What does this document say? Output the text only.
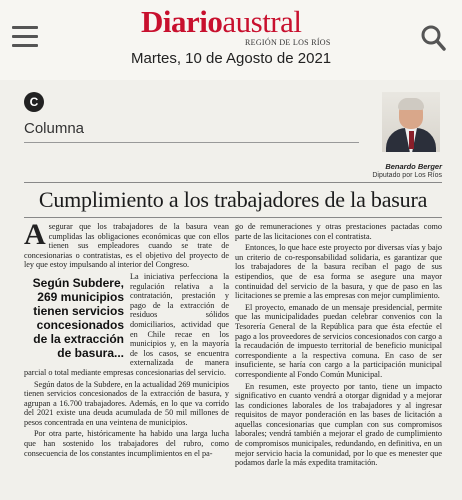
Diarioaustral
REGIÓN DE LOS RÍOS
Martes, 10 de Agosto de 2021
C
Columna
Benardo Berger
Diputado por Los Ríos
Cumplimiento a los trabajadores de la basura

Asegurar que los trabajadores de la basura vean cumplidas las obligaciones económicas que con ellos tienen sus empleadores cuando se trate de concesionarias o contratistas, es el objetivo del proyecto de ley que estoy impulsando al interior del Congreso.

Según Subdere, 269 municipios tienen servicios concesionados de la extracción de basura...

La iniciativa perfecciona la regulación relativa a la contratación, prestación y pago de la extracción de residuos sólidos domiciliarios, actividad que en Chile recae en los municipios y, en la mayoría de los casos, se encuentra externalizada de manera parcial o total mediante empresas concesionarias del servicio.

Según datos de la Subdere, en la actualidad 269 municipios tienen servicios concesionados de la extracción de basura, y agrupan a 16.700 trabajadores. Además, en lo que va corrido del 2021 existe una deuda acumulada de 50 mil millones de pesos concentrada en una veintena de municipios.

Por otra parte, históricamente ha habido una larga lucha que han sostenido los trabajadores del rubro, como consecuencia de los constantes incumplimientos en el pa-

go de remuneraciones y otras prestaciones pactadas como parte de las licitaciones con el contratista.

Entonces, lo que hace este proyecto por diversas vías y bajo un criterio de co-responsabilidad solidaria, es garantizar que los trabajadores de la basura reciban el pago de sus estipendios, que de esa forma se asegure una mayor continuidad del servicio de la basura, y que de paso en las licitaciones se premie a las empresas con mejor cumplimiento.

El proyecto, emanado de un mensaje presidencial, permite que las municipalidades puedan celebrar convenios con la Tesorería General de la República para que ésta efectúe el pago a los proveedores de servicios concesionados con cargo a la recaudación de impuesto territorial de beneficio municipal correspondiente a la respectiva comuna. En caso de ser insuficiente, se haría con cargo a la participación municipal correspondiente al Fondo Común Municipal.

En resumen, este proyecto por tanto, tiene un impacto significativo en cuanto vendrá a otorgar dignidad y a mejorar las condiciones laborales de los trabajadores y al ingresar requisitos de mayor ponderación en las bases de licitación a aquellas concesionarias que cumplan con sus compromisos laborales; vendrá también a mejorar el grado de cumplimiento de compromisos municipales, redundando, en definitiva, en un mejor servicio hacia la comunidad, por lo que es menester que podamos darle la más expedita tramitación.
